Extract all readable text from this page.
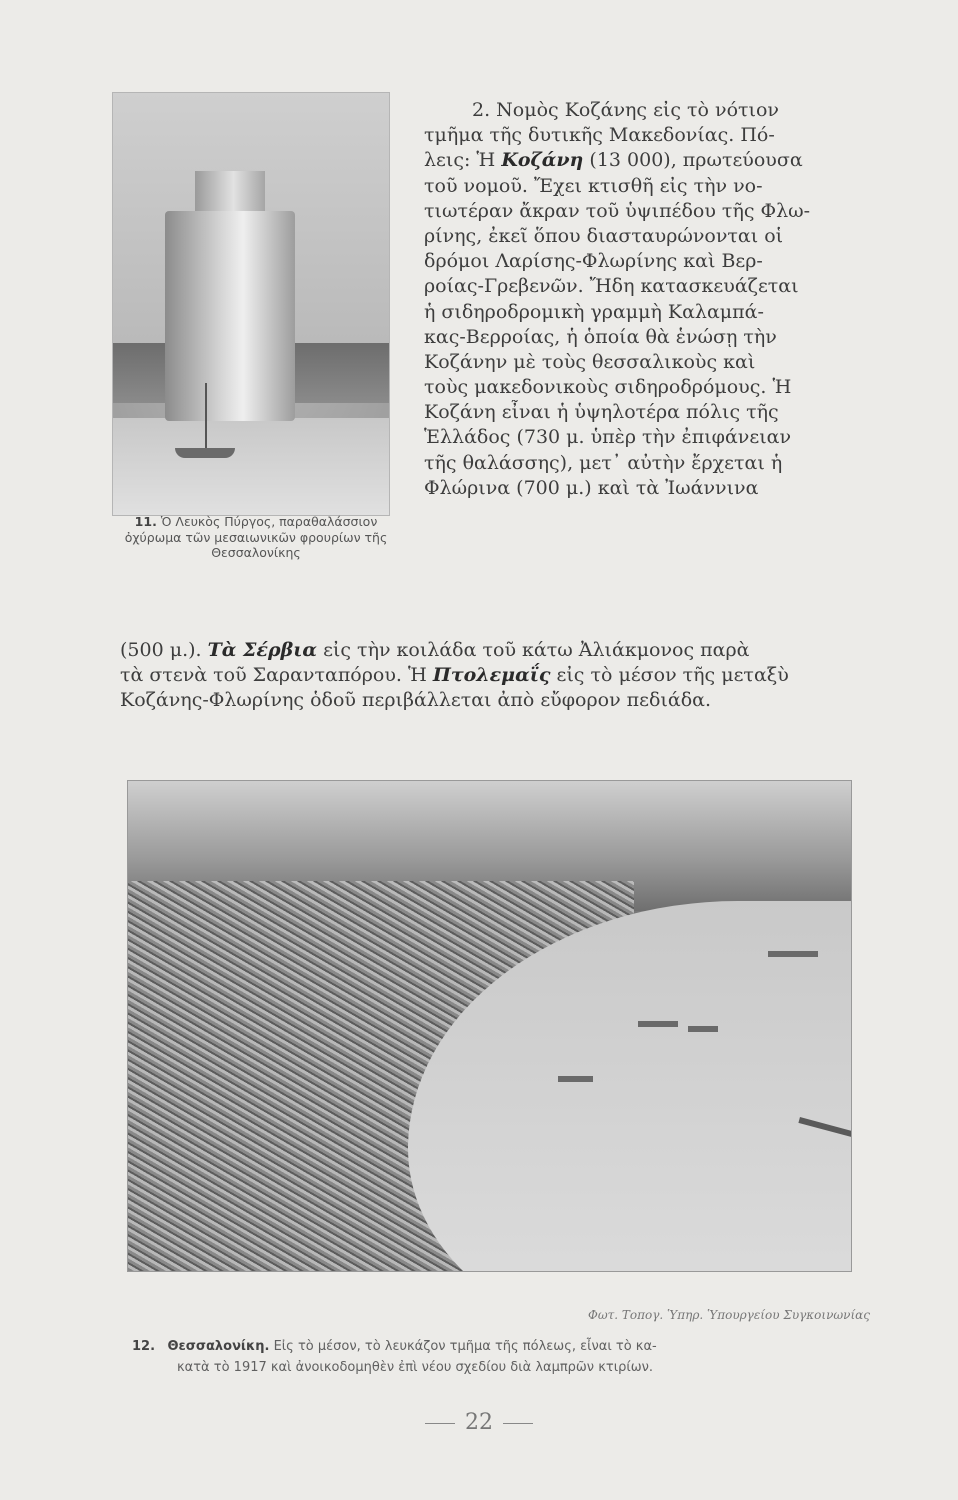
11. Ὁ Λευκὸς Πύργος, παραθαλάσσιον ὀχύρωμα τῶν μεσαιωνικῶν φρουρίων τῆς Θεσσαλονίκης
2. Νομὸς Κοζάνης εἰς τὸ νότιον
τμῆμα τῆς δυτικῆς Μακεδονίας. Πό-
λεις: Ἡ Κοζάνη (13 000), πρωτεύουσα
τοῦ νομοῦ. Ἔχει κτισθῆ εἰς τὴν νο-
τιωτέραν ἄκραν τοῦ ὑψιπέδου τῆς Φλω-
ρίνης, ἐκεῖ ὅπου διασταυρώνονται οἱ
δρόμοι Λαρίσης-Φλωρίνης καὶ Βερ-
ροίας-Γρεβενῶν. Ἤδη κατασκευάζεται
ἡ σιδηροδρομικὴ γραμμὴ Καλαμπά-
κας-Βερροίας, ἡ ὁποία θὰ ἑνώσῃ τὴν
Κοζάνην μὲ τοὺς θεσσαλικοὺς καὶ
τοὺς μακεδονικοὺς σιδηροδρόμους. Ἡ
Κοζάνη εἶναι ἡ ὑψηλοτέρα πόλις τῆς
Ἑλλάδος (730 μ. ὑπὲρ τὴν ἐπιφάνειαν
τῆς θαλάσσης), μετ᾽ αὐτὴν ἔρχεται ἡ
Φλώρινα (700 μ.) καὶ τὰ Ἰωάννινα
(500 μ.). Τὰ Σέρβια εἰς τὴν κοιλάδα τοῦ κάτω Ἀλιάκμονος παρὰ
τὰ στενὰ τοῦ Σαρανταπόρου. Ἡ Πτολεμαΐς εἰς τὸ μέσον τῆς μεταξὺ
Κοζάνης-Φλωρίνης ὁδοῦ περιβάλλεται ἀπὸ εὔφορον πεδιάδα.
Φωτ. Τοπογ. Ὑπηρ. Ὑπουργείου Συγκοινωνίας
12. Θεσσαλονίκη. Εἰς τὸ μέσον, τὸ λευκάζον τμῆμα τῆς πόλεως, εἶναι τὸ κα-
κατὰ τὸ 1917 καὶ ἀνοικοδομηθὲν ἐπὶ νέου σχεδίου διὰ λαμπρῶν κτιρίων.
22
